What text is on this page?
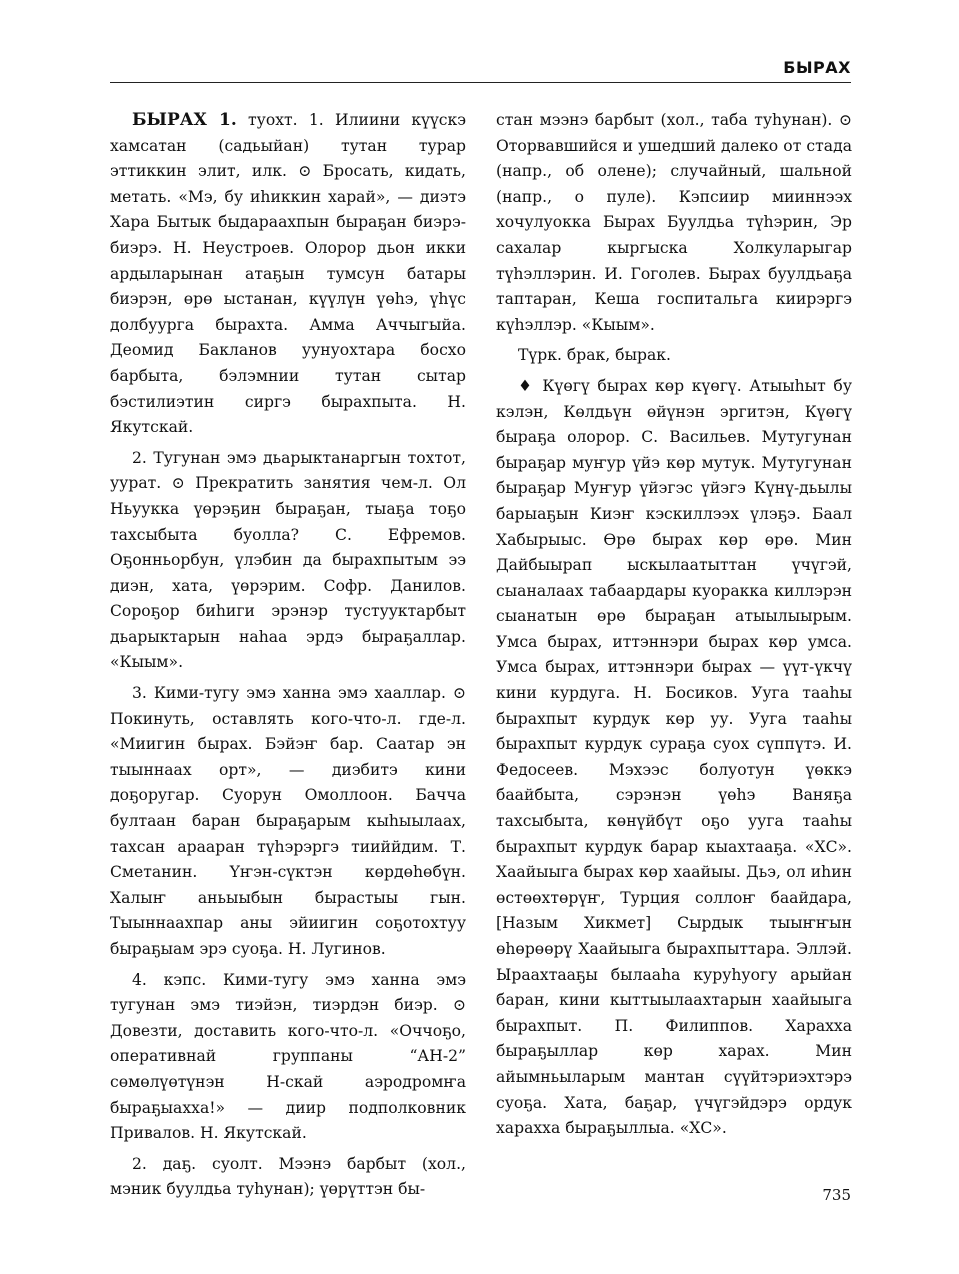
БЫРАХ

БЫРАХ 1. туохт. 1. Илиини күүскэ хамсатан (садьыйан) тутан турар эттиккин элит, илк. ⊙ Бросать, кидать, метать. «Мэ, бу иhиккин харай», — диэтэ Хара Бытык быдараахпын быраҕан биэрэ-биэрэ. Н. Неустроев. Олорор дьон икки ардыларынан атаҕын тумсун батары биэрэн, өрө ыстанан, күүлүн үөһэ, үһүс долбуурга бырахта. Амма Аччыгыйа. Деомид Бакланов уунуохтара босхо барбыта, бэлэмнии тутан сытар бэстилиэтин сиргэ бырахпыта. Н. Якутскай.

2. Тугунан эмэ дьарыктанаргын тохтот, уурат. ⊙ Прекратить занятия чем-л. Ол Ньуукка үөрэҕин быраҕан, тыаҕа тоҕо тахсыбыта буолла? С. Ефремов. Оҕонньорбун, үлэбин да бырахпытым ээ диэн, хата, үөрэрим. Софр. Данилов. Сороҕор биhиги эрэнэр тустууктарбыт дьарыктарын наhаа эрдэ быраҕаллар. «Кыым».

3. Кими-тугу эмэ ханна эмэ хааллар. ⊙ Покинуть, оставлять кого-что-л. где-л. «Миигин бырах. Бэйэҥ бар. Саатар эн тыыннаах орт», — диэбитэ кини доҕоругар. Суорун Омоллоон. Бачча бултаан баран быраҕарым кыhыылаах, тахсан араарaн түhэрэргэ тииййдим. Т. Сметанин. Үҥэн-сүктэн көрдөhөбүн. Халыҥ аньыыбын бырастыы гын. Тыыннаахпар аны эйиигин соҕотохтуу быраҕыам эрэ суоҕа. Н. Лугинов.

4. кэпс. Кими-тугу эмэ ханна эмэ тугунан эмэ тиэйэн, тиэрдэн биэр. ⊙ Довезти, доставить кого-что-л. «Оччоҕо, оперативнай группаны “АН-2” сөмөлүөтүнэн Н-скай аэродромҥа быраҕыахха!» — диир подполковник Привалов. Н. Якутскай.

2. даҕ. суолт. Мээнэ барбыт (хол., мэник буулдьа туhунан); үөрүттэн бы-

стан мээнэ барбыт (хол., таба туhунан). ⊙ Оторвавшийся и ушедший далеко от стада (напр., об олене); случайный, шальной (напр., о пуле). Кэпсиир мииннээх хочулуокка Бырах Буулдьа түhэрин, Эр сахалар кыргыска Холкуларыгар түhэллэрин. И. Гоголев. Бырах буулдьаҕа таптаран, Кеша госпитальга киирэргэ күhэллэр. «Кыым».

Түрк. брак, бырак.

♦ Күөгү бырах көр күөгү. Атыыhыт бу кэлэн, Көлдьүн өйүнэн эргитэн, Күөгү быраҕа олорор. С. Васильев. Мутугунан быраҕар муҥур үйэ көр мутук. Мутугунан быраҕар Муҥур үйэгэс үйэгэ Күнү-дьылы барыаҕын Киэҥ кэскиллээх үлэҕэ. Баал Хабырыыс. Өрө бырах көр өрө. Мин Дайбыырап ыскылаатыттан үчүгэй, сыаналаах табаардары куоракка киллэрэн сыанатын өрө быраҕан атыылыырым. Умса бырах, иттэннэри бырах көр умса. Умса бырах, иттэннэри бырах — үүт-үкчү кини курдуга. Н. Босиков. Ууга тааhы бырахпыт курдук көр уу. Ууга тааhы бырахпыт курдук сураҕа суох сүппүтэ. И. Федосеев. Мэхээс болуотун үөккэ баайбыта, сэрэнэн үөhэ Ваняҕа тахсыбыта, көнүйбүт оҕо ууга тааhы бырахпыт курдук барар кыахтааҕа. «ХС». Хаайыыга бырах көр хаайыы. Дьэ, ол иhин өстөөхтөрүҥ, Турция соллоҥ баайдара, [Назым Хикмет] Сырдык тыыҥҥын өhөрөөрү Хаайыыга бырахпыттара. Эллэй. Ыраахтааҕы былааhа куруhуогу арыйан баран, кини кыттыылаахтарын хаайыыга бырахпыт. П. Филиппов. Харахха быраҕыллар көр харах. Мин айымньыларым мантан сүүйтэриэхтэрэ суоҕа. Хата, баҕар, үчүгэйдэрэ ордук харахха быраҕыллыа. «ХС».

735
